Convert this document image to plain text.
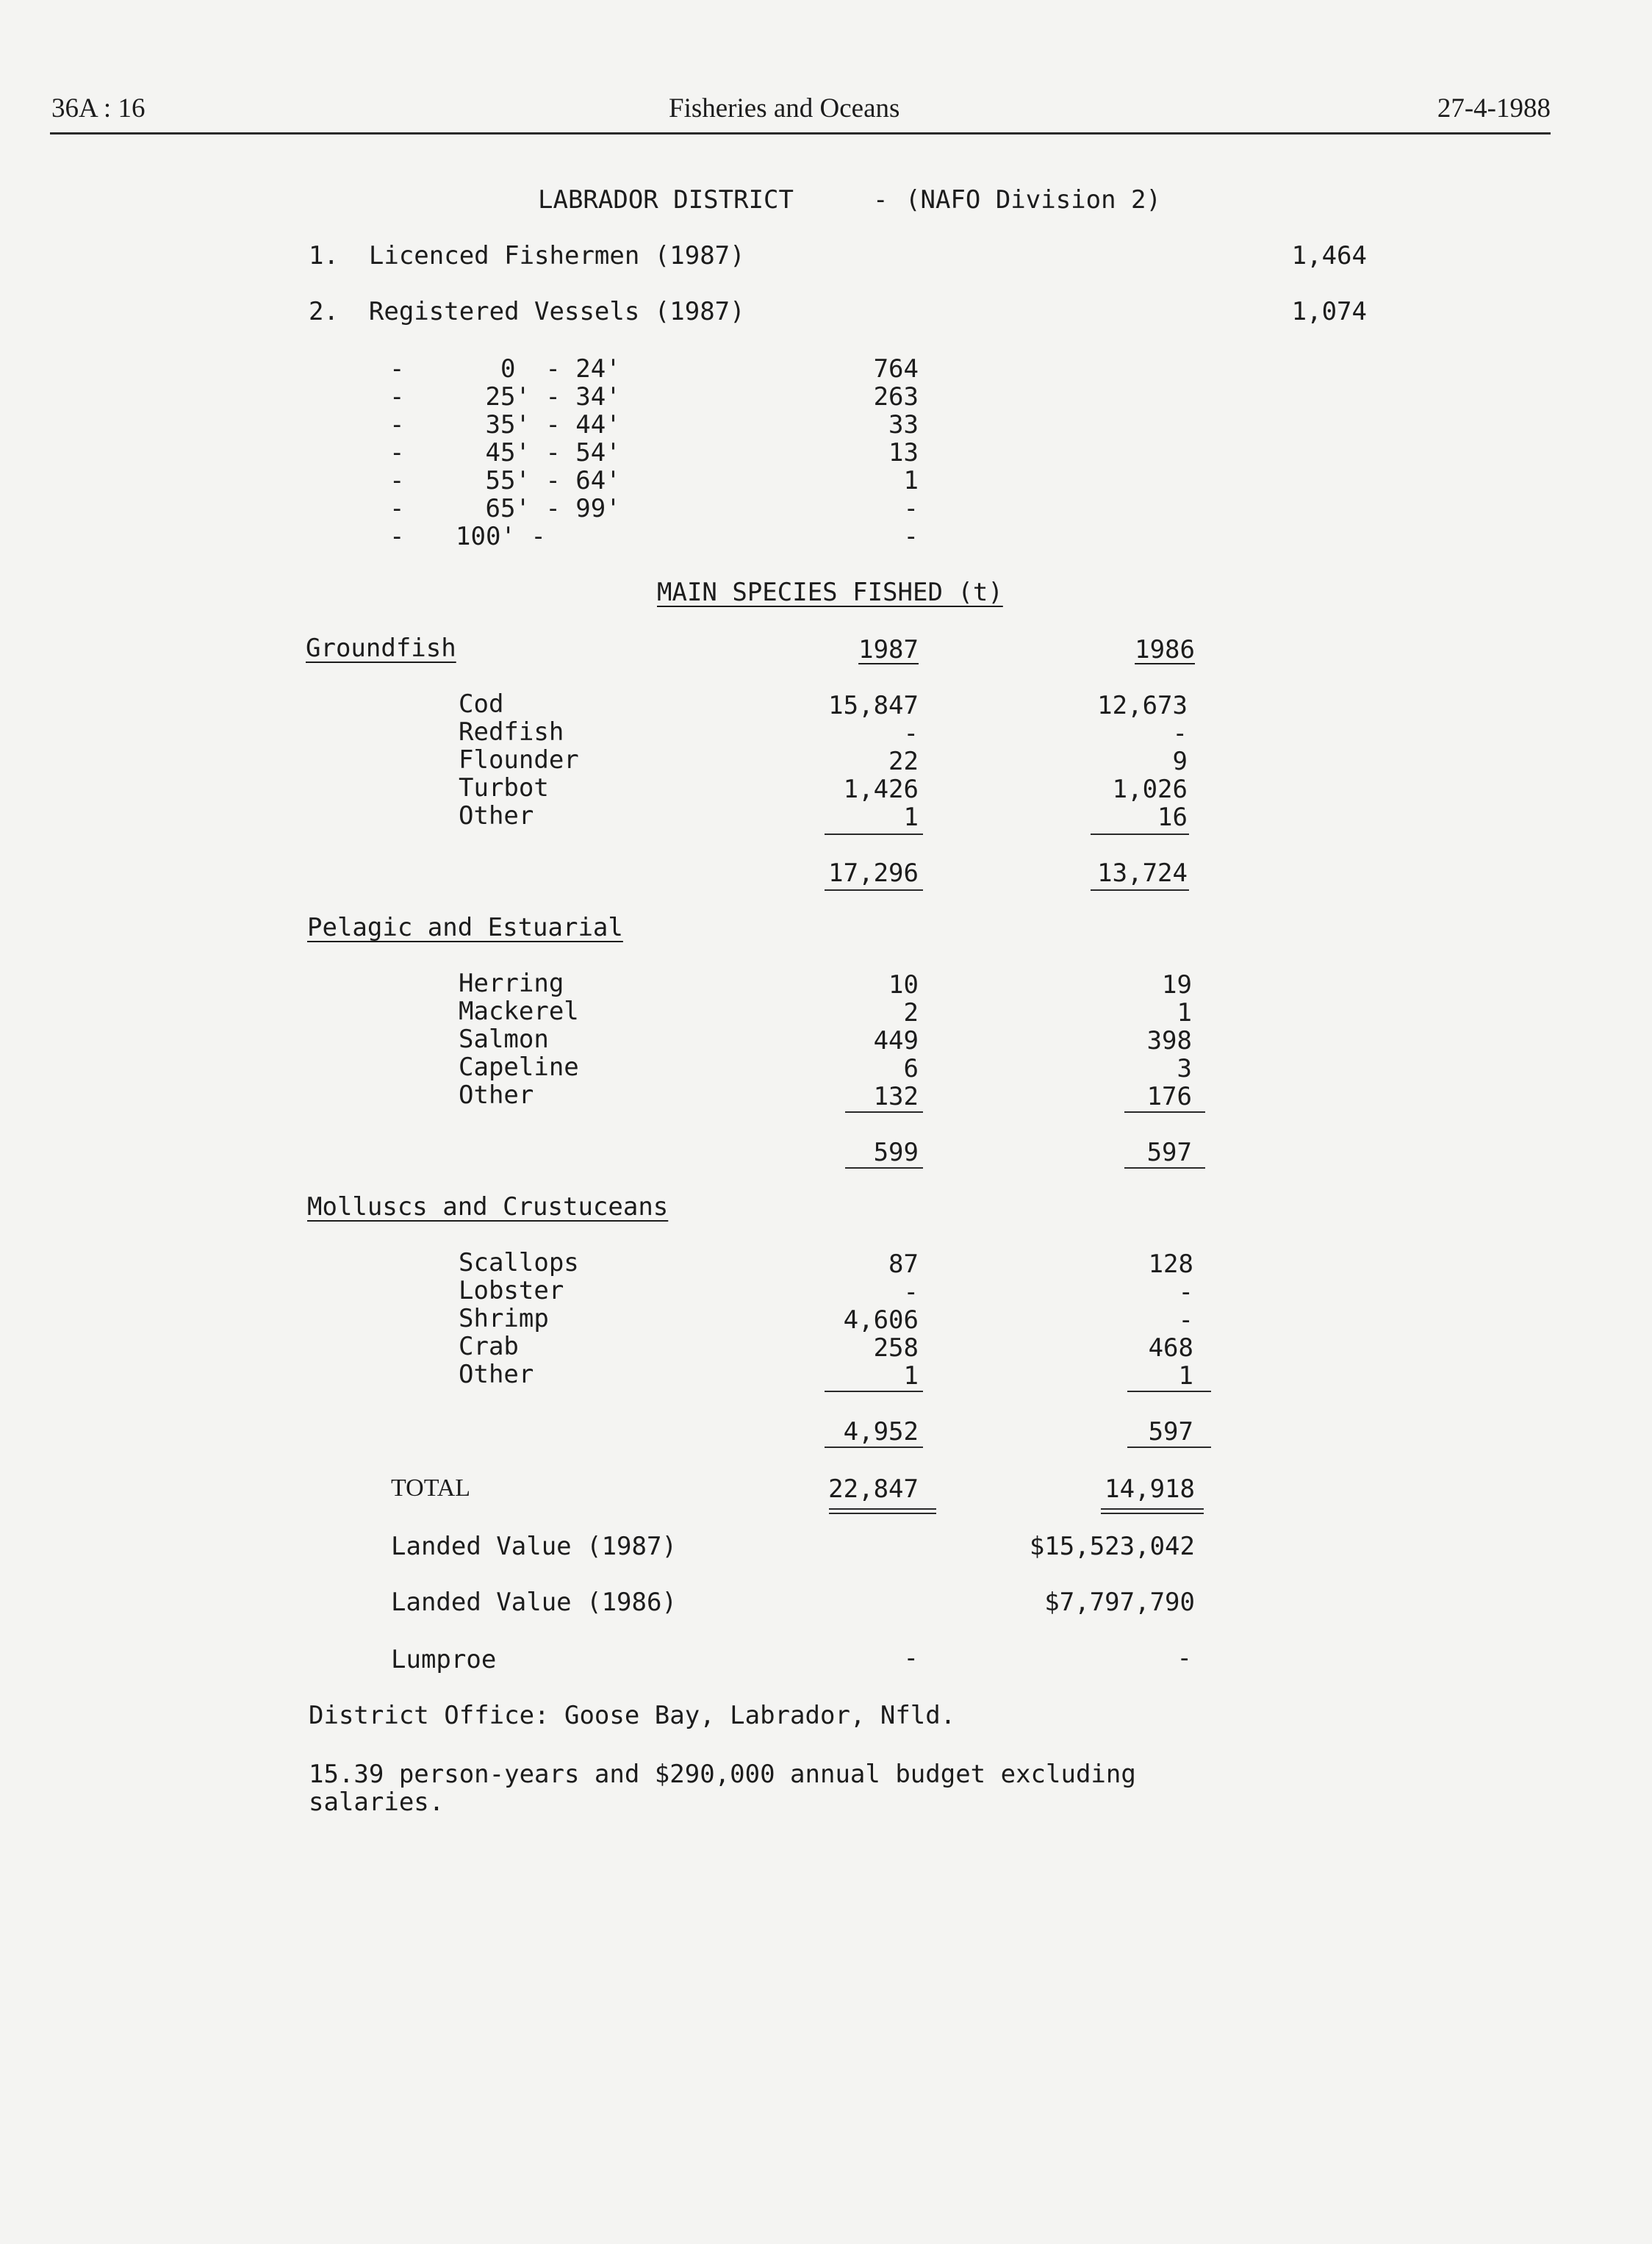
36A : 16	Fisheries and Oceans	27-4-1988
LABRADOR DISTRICT	- (NAFO Division 2)
1.  Licenced Fishermen (1987)	1,464
2.  Registered Vessels (1987)	1,074
-	0  - 24'	764
-	25' - 34'	263
-	35' - 44'	33
-	45' - 54'	13
-	55' - 64'	1
-	65' - 99'	-
- 100' -	-
MAIN SPECIES FISHED (t)
Groundfish	1987	1986
Cod	15,847	12,673
Redfish	-	-
Flounder	22	9
Turbot	1,426	1,026
Other	1	16
17,296	13,724
Pelagic and Estuarial
Herring	10	19
Mackerel	2	1
Salmon	449	398
Capeline	6	3
Other	132	176
599	597
Molluscs and Crustuceans
Scallops	87	128
Lobster	-	-
Shrimp	4,606	-
Crab	258	468
Other	1	1
4,952	597
TOTAL	22,847	14,918
Landed Value (1987)	$15,523,042
Landed Value (1986)	$7,797,790
Lumproe	-	-
District Office: Goose Bay, Labrador, Nfld.
15.39 person-years and $290,000 annual budget excluding
salaries.
